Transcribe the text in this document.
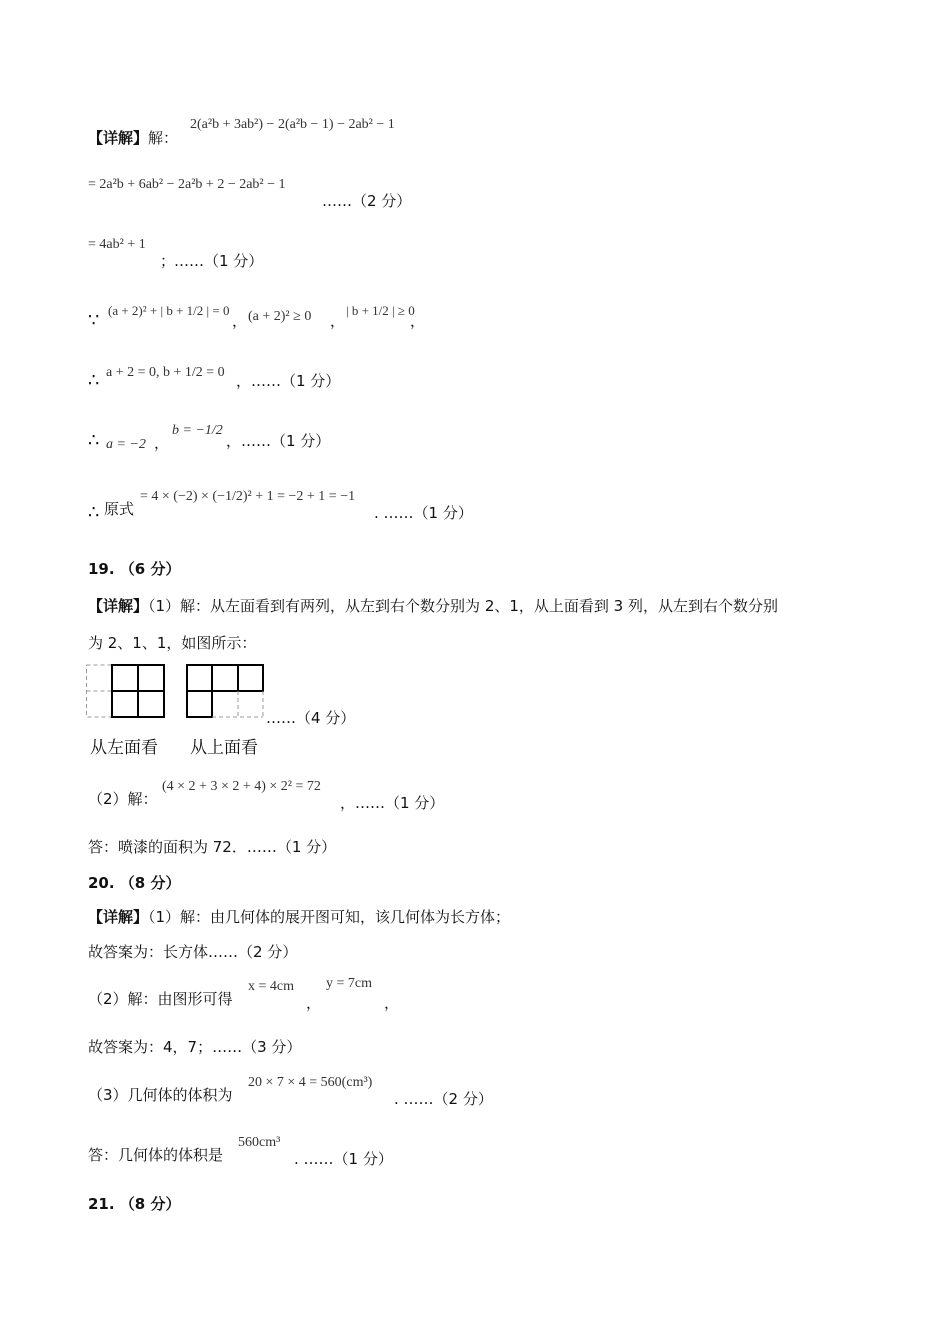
【详解】解：
2(a²b + 3ab²) − 2(a²b − 1) − 2ab² − 1
= 2a²b + 6ab² − 2a²b + 2 − 2ab² − 1
……（2 分）
= 4ab² + 1
；
……（1 分）
∵ (a + 2)² + | b + 1/2 | = 0
， (a + 2)² ≥ 0 ，
| b + 1/2 | ≥ 0
，
∴ a + 2 = 0, b + 1/2 = 0 ，……（1 分）
∴ a = −2 ，
b = −1/2
，……（1 分）
∴ 原式
= 4 × (−2) × (−1/2)² + 1 = −2 + 1 = −1
. ……（1 分）
19. （6 分）
【详解】（1）解：从左面看到有两列，从左到右个数分别为 2、1，从上面看到 3 列，从左到右个数分别
为 2、1、1，如图所示：
……（4 分）
从左面看 从上面看
（2）解：
(4 × 2 + 3 × 2 + 4) × 2² = 72
，……（1 分）
答：喷漆的面积为 72．……（1 分）
20. （8 分）
【详解】（1）解：由几何体的展开图可知，该几何体为长方体；
故答案为：长方体……（2 分）
（2）解：由图形可得
x = 4cm
，
y = 7cm
，
故答案为：4，7；……（3 分）
（3）几何体的体积为
20 × 7 × 4 = 560(cm³)
. ……（2 分）
答：几何体的体积是
560cm³
. ……（1 分）
21. （8 分）
